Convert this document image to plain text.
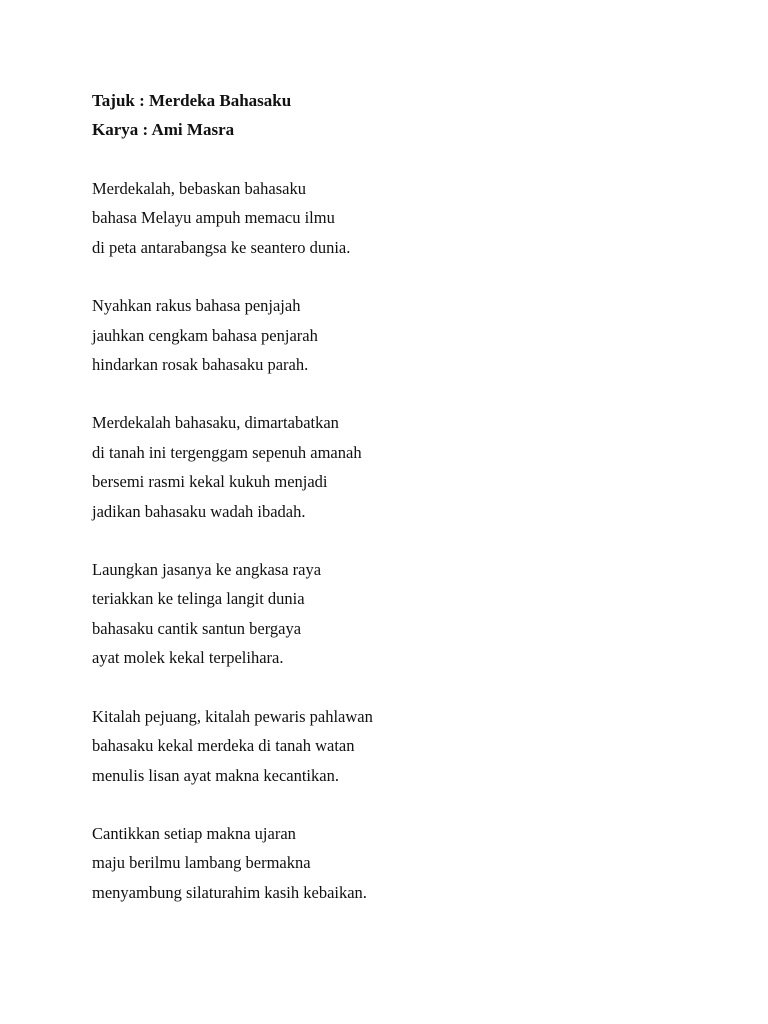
Tajuk : Merdeka Bahasaku
Karya : Ami Masra
Merdekalah, bebaskan bahasaku
bahasa Melayu ampuh memacu ilmu
di peta antarabangsa ke seantero dunia.
Nyahkan rakus bahasa penjajah
jauhkan cengkam bahasa penjarah
hindarkan rosak bahasaku parah.
Merdekalah bahasaku, dimartabatkan
di tanah ini tergenggam sepenuh amanah
bersemi rasmi kekal kukuh menjadi
jadikan bahasaku wadah ibadah.
Laungkan jasanya ke angkasa raya
teriakkan ke telinga langit dunia
bahasaku cantik santun bergaya
ayat molek kekal terpelihara.
Kitalah pejuang, kitalah pewaris pahlawan
bahasaku kekal merdeka di tanah watan
menulis lisan ayat makna kecantikan.
Cantikkan setiap makna ujaran
maju berilmu lambang bermakna
menyambung silaturahim kasih kebaikan.
